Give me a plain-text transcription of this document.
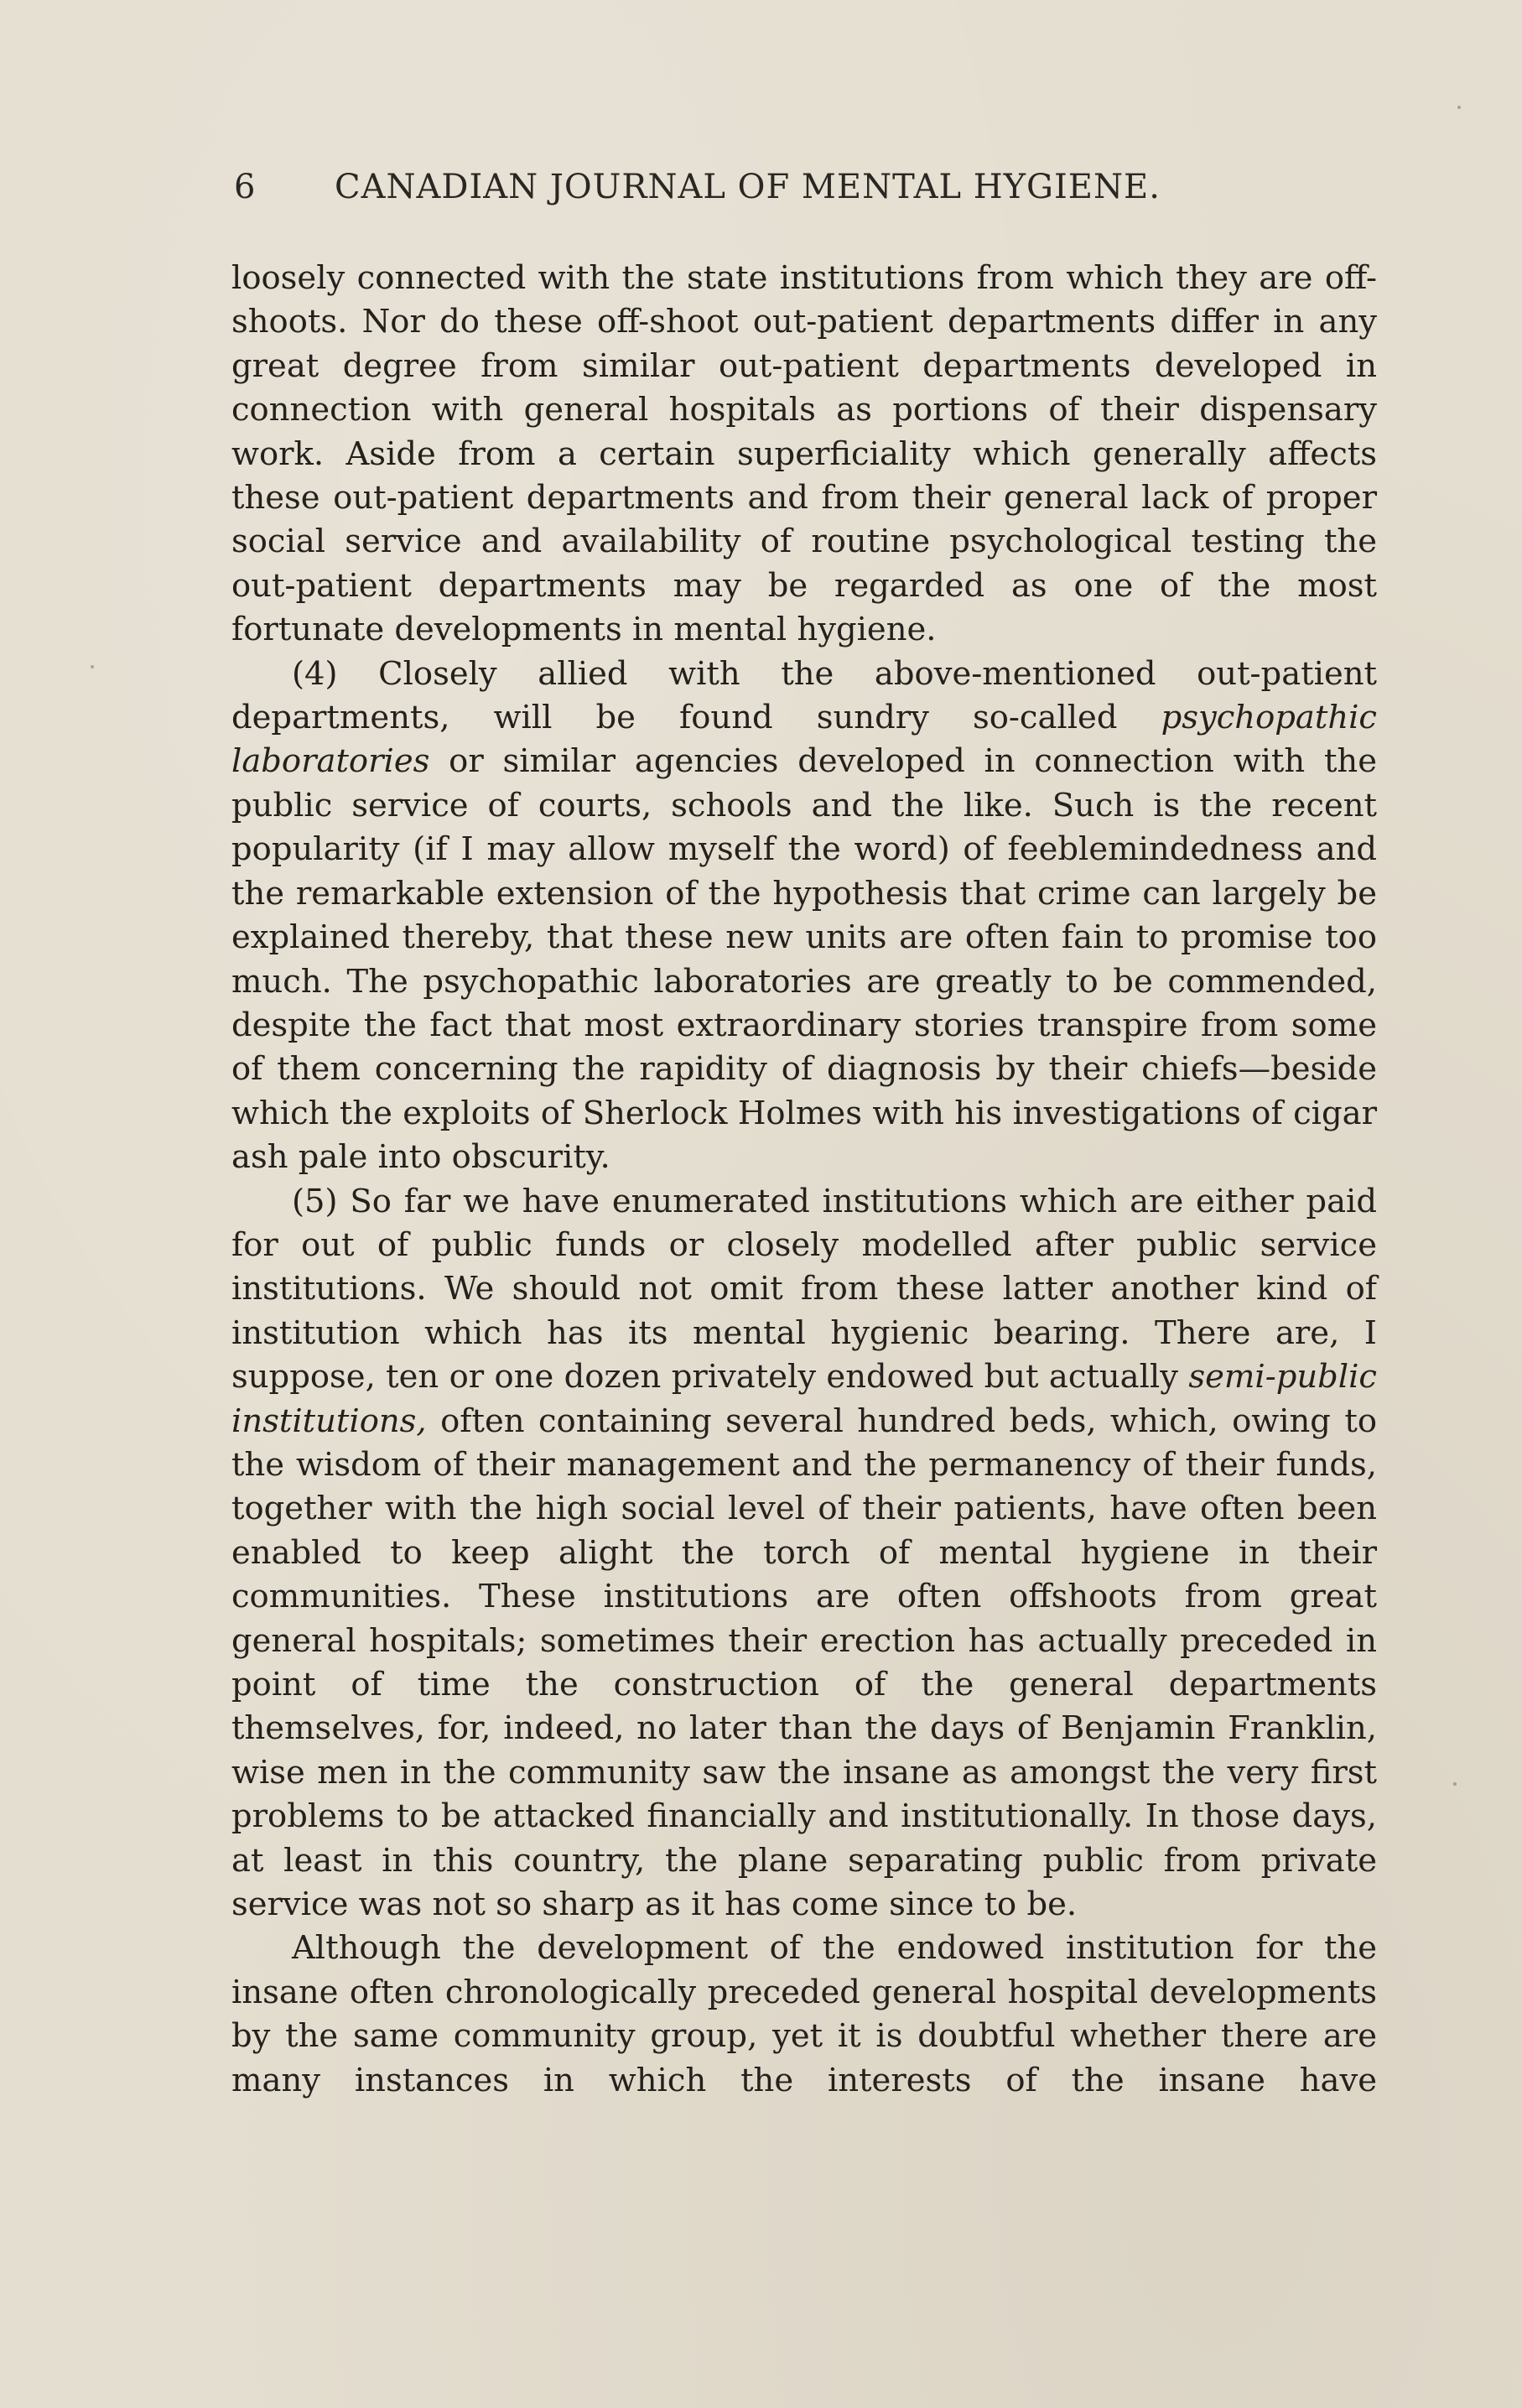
6 CANADIAN JOURNAL OF MENTAL HYGIENE.

loosely connected with the state institutions from which they are off-shoots. Nor do these off-shoot out-patient departments differ in any great degree from similar out-patient departments developed in connection with general hospitals as portions of their dispensary work. Aside from a certain superficiality which generally affects these out-patient departments and from their general lack of proper social service and availability of routine psychological testing the out-patient departments may be regarded as one of the most fortunate developments in mental hygiene.

(4) Closely allied with the above-mentioned out-patient departments, will be found sundry so-called psychopathic laboratories or similar agencies developed in connection with the public service of courts, schools and the like. Such is the recent popularity (if I may allow myself the word) of feeblemindedness and the remarkable extension of the hypothesis that crime can largely be explained thereby, that these new units are often fain to promise too much. The psychopathic laboratories are greatly to be commended, despite the fact that most extraordinary stories transpire from some of them concerning the rapidity of diagnosis by their chiefs—beside which the exploits of Sherlock Holmes with his investigations of cigar ash pale into obscurity.

(5) So far we have enumerated institutions which are either paid for out of public funds or closely modelled after public service institutions. We should not omit from these latter another kind of institution which has its mental hygienic bearing. There are, I suppose, ten or one dozen privately endowed but actually semi-public institutions, often containing several hundred beds, which, owing to the wisdom of their management and the permanency of their funds, together with the high social level of their patients, have often been enabled to keep alight the torch of mental hygiene in their communities. These institutions are often offshoots from great general hospitals; sometimes their erection has actually preceded in point of time the construction of the general departments themselves, for, indeed, no later than the days of Benjamin Franklin, wise men in the community saw the insane as amongst the very first problems to be attacked financially and institutionally. In those days, at least in this country, the plane separating public from private service was not so sharp as it has come since to be.

Although the development of the endowed institution for the insane often chronologically preceded general hospital developments by the same community group, yet it is doubtful whether there are many instances in which the interests of the insane have
